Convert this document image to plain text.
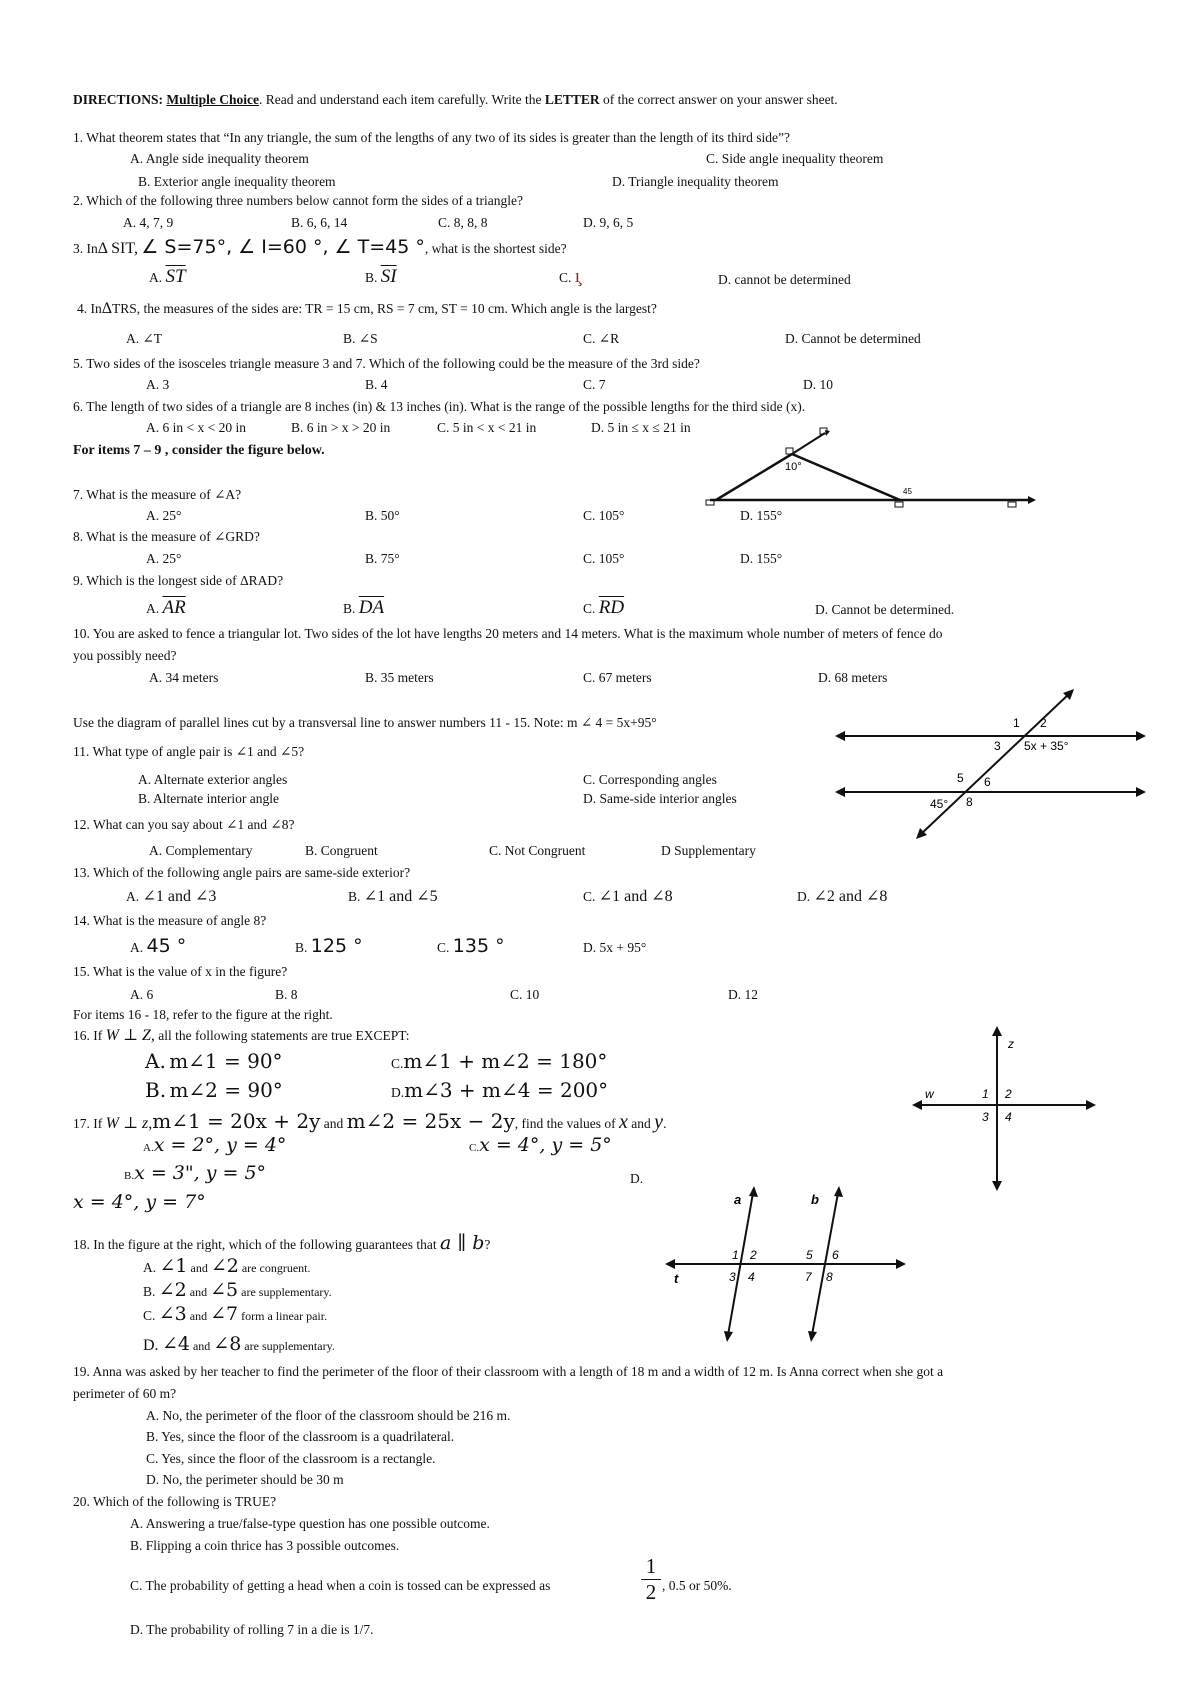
DIRECTIONS: Multiple Choice. Read and understand each item carefully. Write the LETTER of the correct answer on your answer sheet.
1. What theorem states that “In any triangle, the sum of the lengths of any two of its sides is greater than the length of its third side”?
A. Angle side inequality theorem	C. Side angle inequality theorem
B. Exterior angle inequality theorem	D. Triangle inequality theorem
2. Which of the following three numbers below cannot form the sides of a triangle?
A. 4, 7, 9	B. 6, 6, 14	C. 8, 8, 8	D. 9, 6, 5
3. InΔ SIT, ∠ S=75°, ∠ I=60 °, ∠ T=45 °, what is the shortest side?
A. $\overline{ST}$	B. $\overline{SI}$	C. ı̧	D. cannot be determined
4. InΔTRS, the measures of the sides are: TR = 15 cm, RS = 7 cm, ST = 10 cm. Which angle is the largest?
A. ∠T	B. ∠S	C. ∠R	D. Cannot be determined
5. Two sides of the isosceles triangle measure 3 and 7. Which of the following could be the measure of the 3rd side?
A. 3	B. 4	C. 7	D. 10
6. The length of two sides of a triangle are 8 inches (in) & 13 inches (in). What is the range of the possible lengths for the third side (x).
A. 6 in < x < 20 in	B. 6 in > x > 20 in	C. 5 in < x < 21 in	D. 5 in ≤ x ≤ 21 in
For items 7 – 9 , consider the figure below.
10°
45
7. What is the measure of ∠A?
A. 25°	B. 50°	C. 105°	D. 155°
8. What is the measure of ∠GRD?
A. 25°	B. 75°	C. 105°	D. 155°
9. Which is the longest side of ΔRAD?
A. $\overline{AR}$	B. $\overline{DA}$	C. $\overline{RD}$	D. Cannot be determined.
10. You are asked to fence a triangular lot. Two sides of the lot have lengths 20 meters and 14 meters. What is the maximum whole number of meters of fence do
you possibly need?
A. 34 meters	B. 35 meters	C. 67 meters	D. 68 meters
Use the diagram of parallel lines cut by a transversal line to answer numbers 11 - 15. Note: m ∠ 4 = 5x+95°	1 2
3 5x + 35°
5 6
45° 8
11. What type of angle pair is ∠1 and ∠5?
A. Alternate exterior angles	C. Corresponding angles
B. Alternate interior angle	D. Same-side interior angles
12. What can you say about ∠1 and ∠8?
A. Complementary	B. Congruent	C. Not Congruent	D Supplementary
13. Which of the following angle pairs are same-side exterior?
A. ∠1 and ∠3	B. ∠1 and ∠5	C. ∠1 and ∠8	D. ∠2 and ∠8
14. What is the measure of angle 8?
A. 45 °	B. 125 °	C. 135 °	D. 5x + 95°
15. What is the value of x in the figure?
A. 6	B. 8	C. 10	D. 12
For items 16 - 18, refer to the figure at the right.
16. If W ⊥ Z, all the following statements are true EXCEPT:
A. m∠1 = 90°	C.m∠1 + m∠2 = 180°
B. m∠2 = 90°	D.m∠3 + m∠4 = 200°
z
w	1 2
3 4
17. If W ⊥ z,m∠1 = 20x + 2y and m∠2 = 25x − 2y, find the values of x and y.
A.x = 2°, y = 4°	C.x = 4°, y = 5°
B.x = 3", y = 5°	D.
x = 4°, y = 7°	a	b
t
1 2
3 4
5 6
7 8
18. In the figure at the right, which of the following guarantees that a ∥ b?
A. ∠1 and ∠2 are congruent.
B. ∠2 and ∠5 are supplementary.
C. ∠3 and ∠7 form a linear pair.
D. ∠4 and ∠8 are supplementary.
19. Anna was asked by her teacher to find the perimeter of the floor of their classroom with a length of 18 m and a width of 12 m. Is Anna correct when she got a
perimeter of 60 m?
A. No, the perimeter of the floor of the classroom should be 216 m.
B. Yes, since the floor of the classroom is a quadrilateral.
C. Yes, since the floor of the classroom is a rectangle.
D. No, the perimeter should be 30 m
20. Which of the following is TRUE?
A. Answering a true/false-type question has one possible outcome.
B. Flipping a coin thrice has 3 possible outcomes.
C. The probability of getting a head when a coin is tossed can be expressed as
1
2 , 0.5 or 50%.
D. The probability of rolling 7 in a die is 1/7.
